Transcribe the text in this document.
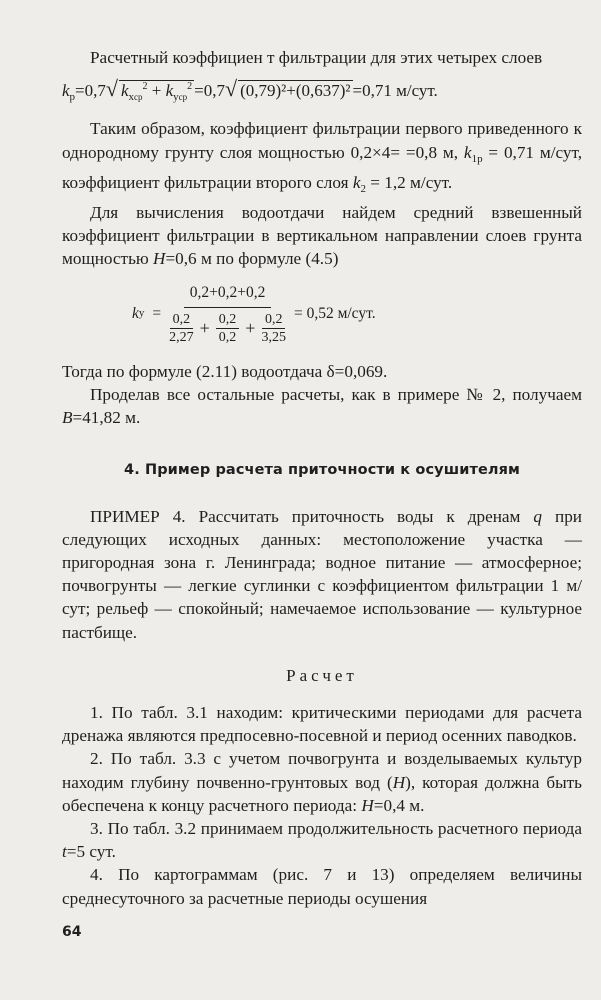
Расчетный коэффициен т фильтрации для этих четырех слоев

$k_р=0,7√$ $k_{xср}^2 + k_{уср}^2 =0,7√$ (0,79)²+(0,637)² =0,71 м/сут.

Таким образом, коэффициент фильтрации первого приведенного к однородному грунту слоя мощностью 0,2×4= =0,8 м, $k_{1р} = 0,71$ м/сут, коэффициент фильтрации второго слоя $k_2 = 1,2$ м/сут.

Для вычисления водоотдачи найдем средний взвешенный коэффициент фильтрации в вертикальном направлении слоев грунта мощностью H=0,6 м по формуле (4.5)

k у =
0,2+0,2+0,2
0,2
$2,27 + \frac{0,2}{0,2} + \frac{0,2}{3,25} = 0,52$ м/сут.

Тогда по формуле (2.11) водоотдача δ=0,069.

Проделав все остальные расчеты, как в примере № 2, получаем B=41,82 м.

4. Пример расчета приточности к осушителям

ПРИМЕР 4. Рассчитать приточность воды к дренам q при следующих исходных данных: местоположение участка — пригородная зона г. Ленинграда; водное питание — атмосферное; почвогрунты — легкие суглинки с коэффициентом фильтрации 1 м/сут; рельеф — спокойный; намечаемое использование — культурное пастбище.

Расчет

1. По табл. 3.1 находим: критическими периодами для расчета дренажа являются предпосевно-посевной и период осенних паводков.

2. По табл. 3.3 с учетом почвогрунта и возделываемых культур находим глубину почвенно-грунтовых вод (H), которая должна быть обеспечена к концу расчетного периода: H=0,4 м.

3. По табл. 3.2 принимаем продолжительность расчетного периода t=5 сут.

4. По картограммам (рис. 7 и 13) определяем величины среднесуточного за расчетные периоды осушения

64
